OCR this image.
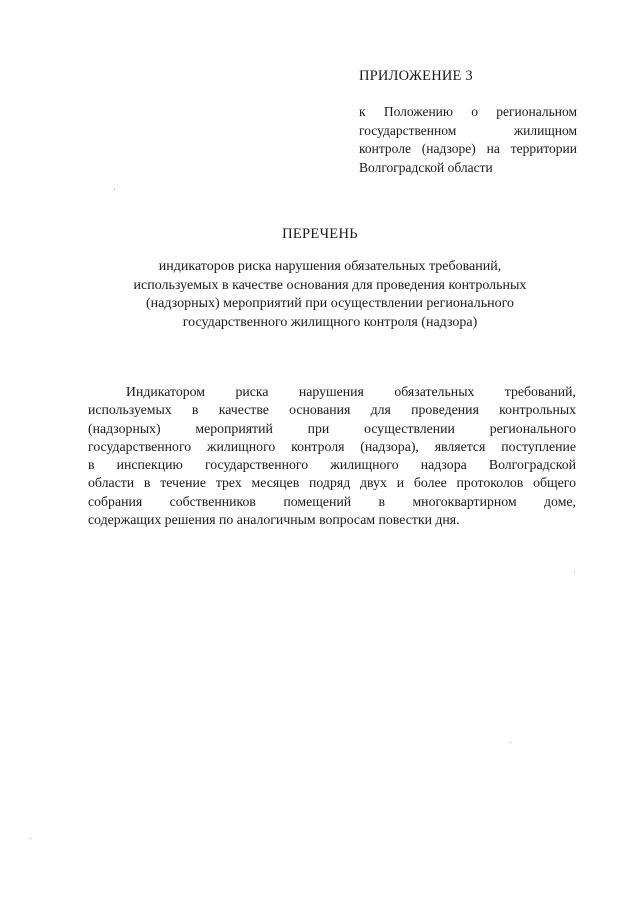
ПРИЛОЖЕНИЕ 3

к Положению о региональном
государственном жилищном
контроле (надзоре) на территории
Волгоградской области
ПЕРЕЧЕНЬ
индикаторов риска нарушения обязательных требований,
используемых в качестве основания для проведения контрольных
(надзорных) мероприятий при осуществлении регионального
государственного жилищного контроля (надзора)
Индикатором риска нарушения обязательных требований,
используемых в качестве основания для проведения контрольных
(надзорных) мероприятий при осуществлении регионального
государственного жилищного контроля (надзора), является поступление
в инспекцию государственного жилищного надзора Волгоградской
области в течение трех месяцев подряд двух и более протоколов общего
собрания собственников помещений в многоквартирном доме,
содержащих решения по аналогичным вопросам повестки дня.
